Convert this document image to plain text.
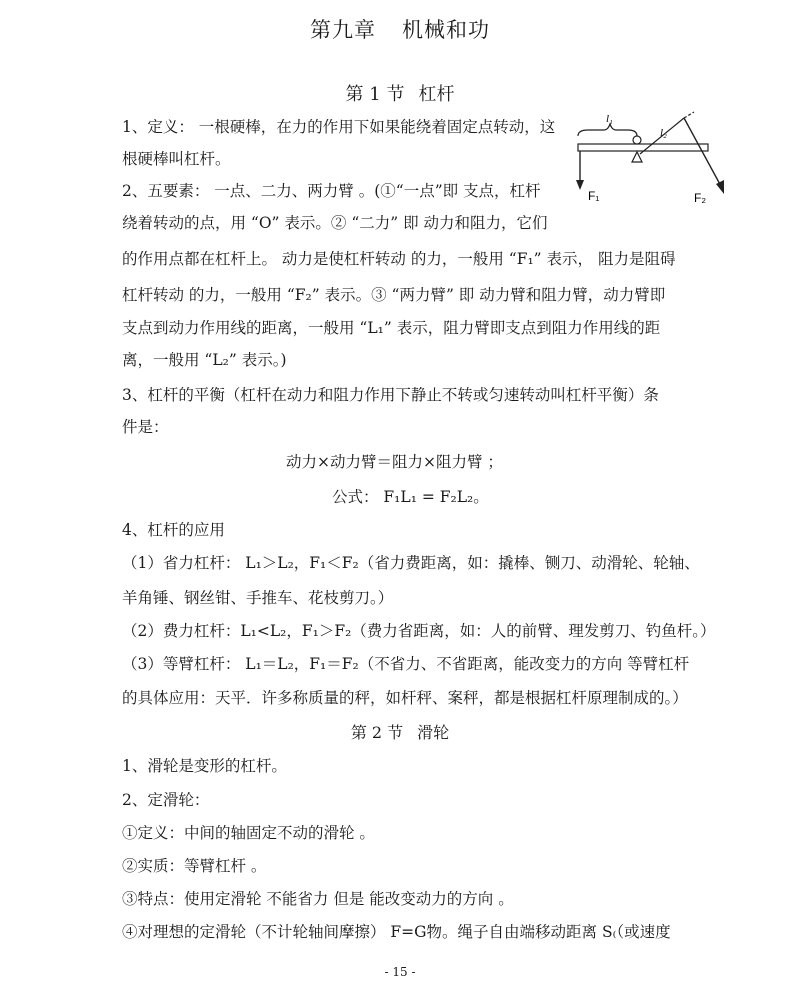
第九章 机械和功
第 1 节 杠杆
1、定义： 一根硬棒，在力的作用下如果能绕着固定点转动，这
根硬棒叫杠杆。
2、五要素： 一点、二力、两力臂 。(①“一点”即 支点，杠杆
绕着转动的点，用 “O” 表示。② “二力” 即 动力和阻力，它们
的作用点都在杠杆上。 动力是使杠杆转动 的力，一般用 “F₁” 表示， 阻力是阻碍
杠杆转动 的力，一般用 “F₂” 表示。③ “两力臂” 即 动力臂和阻力臂，动力臂即
支点到动力作用线的距离，一般用 “L₁” 表示，阻力臂即支点到阻力作用线的距
离，一般用 “L₂” 表示。)
3、杠杆的平衡（杠杆在动力和阻力作用下静止不转或匀速转动叫杠杆平衡）条
件是：
动力×动力臂＝阻力×阻力臂 ；
公式： F₁L₁ = F₂L₂。
4、杠杆的应用
（1）省力杠杆： L₁＞L₂，F₁＜F₂（省力费距离，如：撬棒、铡刀、动滑轮、轮轴、
羊角锤、钢丝钳、手推车、花枝剪刀。）
（2）费力杠杆：L₁<L₂，F₁＞F₂（费力省距离，如：人的前臂、理发剪刀、钓鱼杆。）
（3）等臂杠杆： L₁＝L₂，F₁＝F₂（不省力、不省距离，能改变力的方向 等臂杠杆
的具体应用：天平．许多称质量的秤，如杆秤、案秤，都是根据杠杆原理制成的。）
第 2 节 滑轮
1、滑轮是变形的杠杆。
2、定滑轮：
①定义：中间的轴固定不动的滑轮 。
②实质：等臂杠杆 。
③特点：使用定滑轮 不能省力 但是 能改变动力的方向 。
④对理想的定滑轮（不计轮轴间摩擦） F=G物。绳子自由端移动距离 S₍（或速度
- 15 -
l₁
l₂
F₁	F₂
